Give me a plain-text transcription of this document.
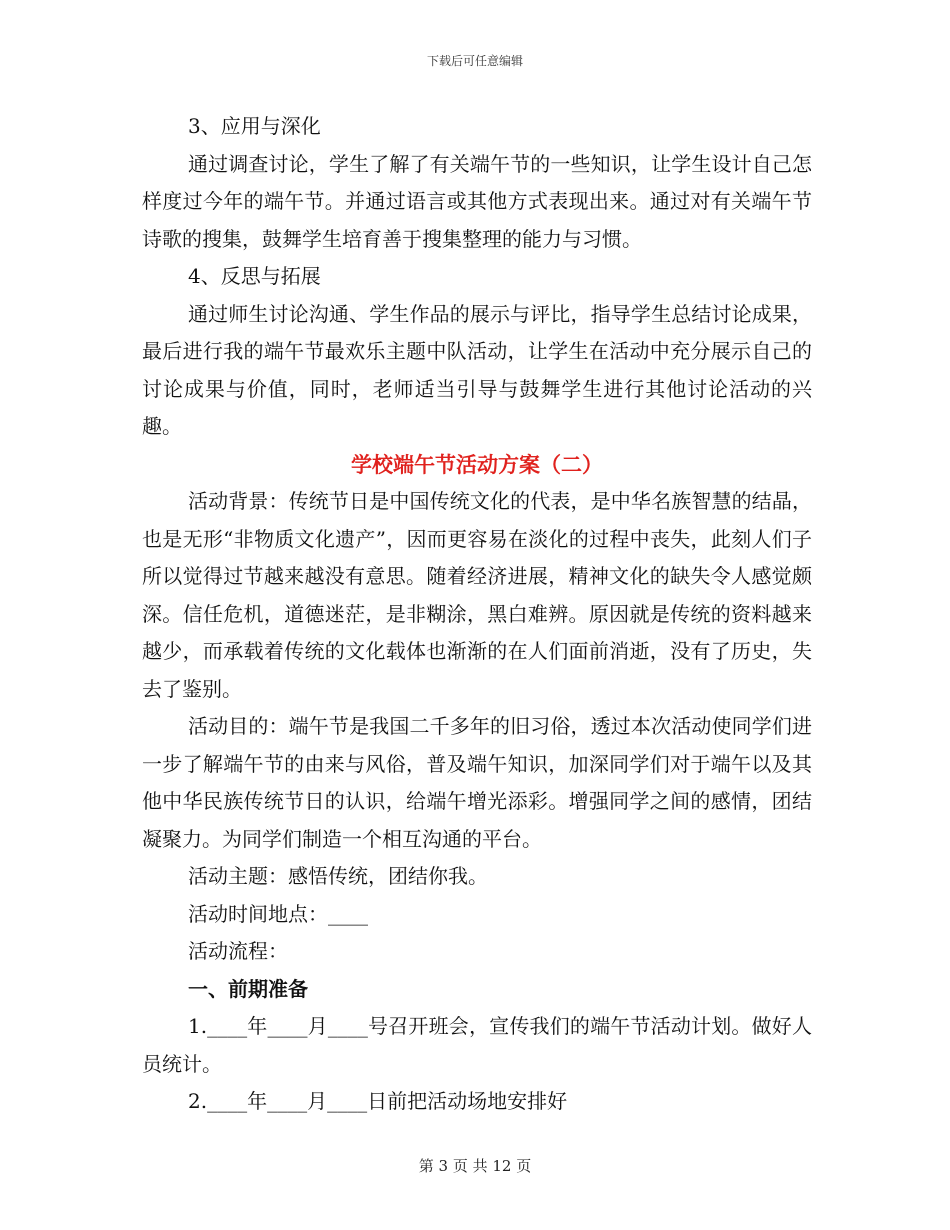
下载后可任意编辑

3、应用与深化

通过调查讨论，学生了解了有关端午节的一些知识，让学生设计自己怎样度过今年的端午节。并通过语言或其他方式表现出来。通过对有关端午节诗歌的搜集，鼓舞学生培育善于搜集整理的能力与习惯。

4、反思与拓展

通过师生讨论沟通、学生作品的展示与评比，指导学生总结讨论成果，最后进行我的端午节最欢乐主题中队活动，让学生在活动中充分展示自己的讨论成果与价值，同时，老师适当引导与鼓舞学生进行其他讨论活动的兴趣。

学校端午节活动方案（二）

活动背景：传统节日是中国传统文化的代表，是中华名族智慧的结晶，也是无形“非物质文化遗产”，因而更容易在淡化的过程中丧失，此刻人们子所以觉得过节越来越没有意思。随着经济进展，精神文化的缺失令人感觉颇深。信任危机，道德迷茫，是非糊涂，黑白难辨。原因就是传统的资料越来越少，而承载着传统的文化载体也渐渐的在人们面前消逝，没有了历史，失去了鉴别。

活动目的：端午节是我国二千多年的旧习俗，透过本次活动使同学们进一步了解端午节的由来与风俗，普及端午知识，加深同学们对于端午以及其他中华民族传统节日的认识，给端午增光添彩。增强同学之间的感情，团结凝聚力。为同学们制造一个相互沟通的平台。

活动主题：感悟传统，团结你我。

活动时间地点：____

活动流程：

一、前期准备

1.____年____月____号召开班会，宣传我们的端午节活动计划。做好人员统计。

2.____年____月____日前把活动场地安排好

第 3 页 共 12 页
